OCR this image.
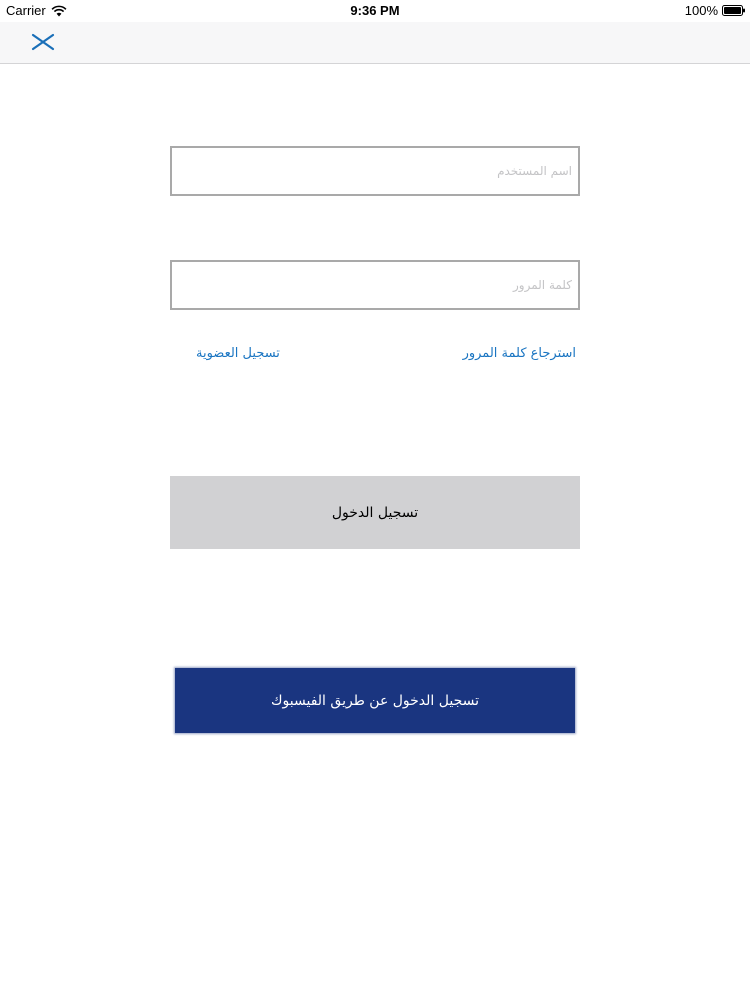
Carrier	9:36 PM	100%
اسم المستخدم
استرجاع كلمة المرور
تسجيل العضوية
تسجيل الدخول
تسجيل الدخول عن طريق الفيسبوك
